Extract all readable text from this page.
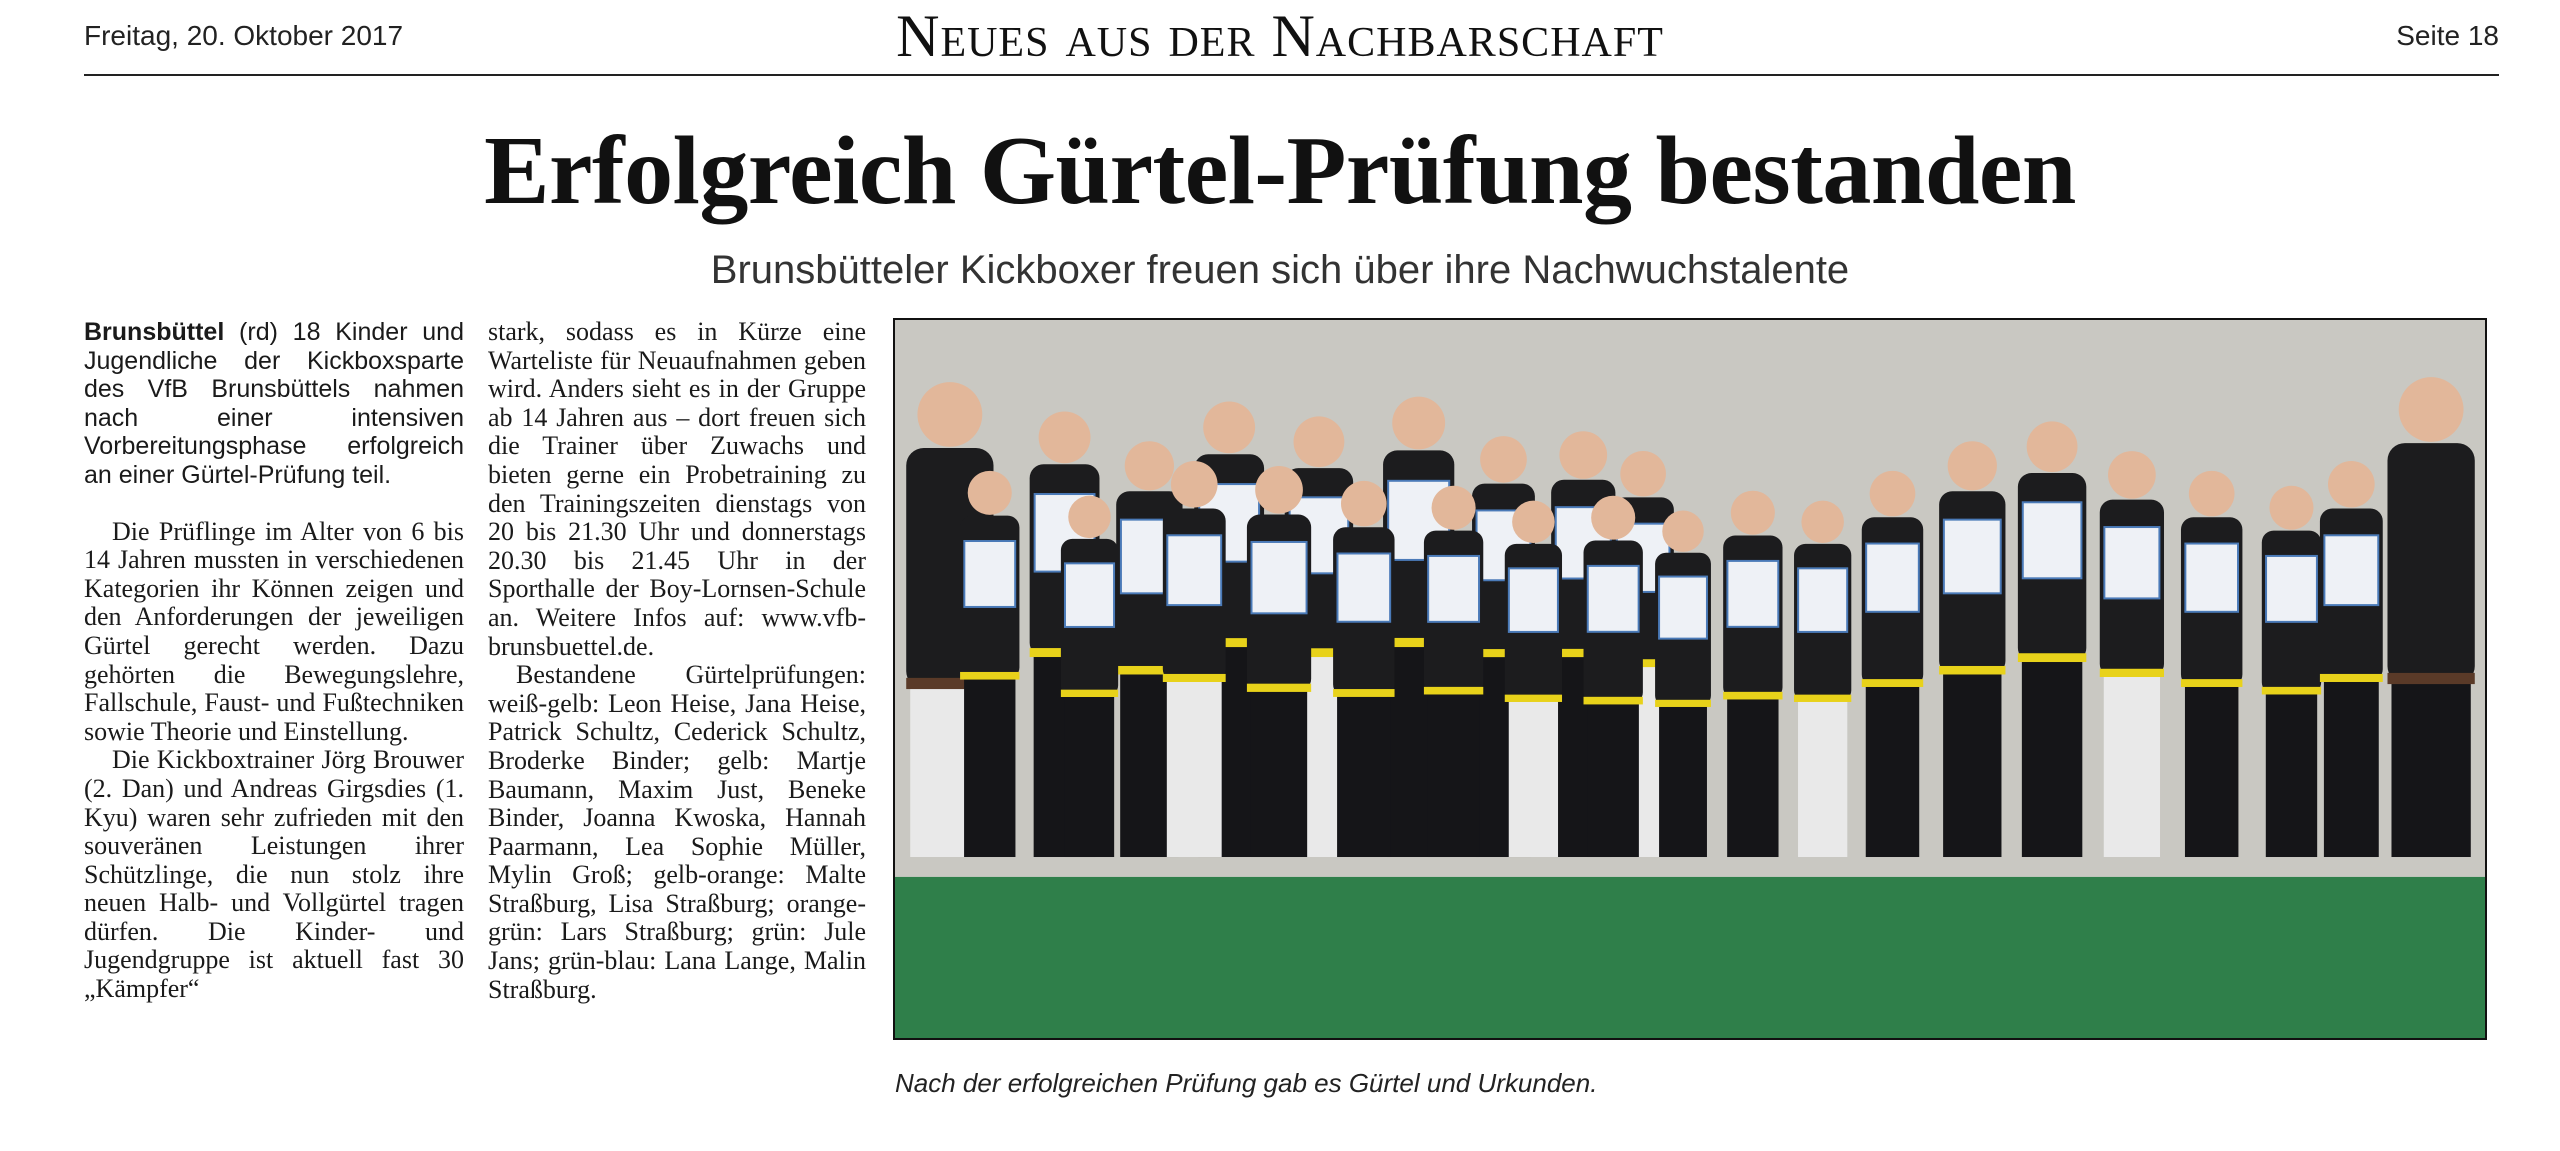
Freitag, 20. Oktober 2017	Neues aus der Nachbarschaft	Seite 18
Erfolgreich Gürtel-Prüfung bestanden
Brunsbütteler Kickboxer freuen sich über ihre Nachwuchstalente

Brunsbüttel (rd) 18 Kinder und Jugendliche der Kickboxsparte des VfB Brunsbüttels nahmen nach einer intensiven Vorbereitungsphase erfolgreich an einer Gürtel-Prüfung teil.

Die Prüflinge im Alter von 6 bis 14 Jahren mussten in verschiedenen Kategorien ihr Können zeigen und den Anforderungen der jeweiligen Gürtel gerecht werden. Dazu gehörten die Bewegungslehre, Fallschule, Faust- und Fußtechniken sowie Theorie und Einstellung.

Die Kickboxtrainer Jörg Brouwer (2. Dan) und Andreas Girgsdies (1. Kyu) waren sehr zufrieden mit den souveränen Leistungen ihrer Schützlinge, die nun stolz ihre neuen Halb- und Vollgürtel tragen dürfen. Die Kinder- und Jugendgruppe ist aktuell fast 30 „Kämpfer“

stark, sodass es in Kürze eine Warteliste für Neuaufnahmen geben wird. Anders sieht es in der Gruppe ab 14 Jahren aus – dort freuen sich die Trainer über Zuwachs und bieten gerne ein Probetraining zu den Trainingszeiten dienstags von 20 bis 21.30 Uhr und donnerstags 20.30 bis 21.45 Uhr in der Sporthalle der Boy-Lornsen-Schule an. Weitere Infos auf: www.vfb-brunsbuettel.de.

Bestandene Gürtelprüfungen: weiß-gelb: Leon Heise, Jana Heise, Patrick Schultz, Cederick Schultz, Broderke Binder; gelb: Martje Baumann, Maxim Just, Beneke Binder, Joanna Kwoska, Hannah Paarmann, Lea Sophie Müller, Mylin Groß; gelb-orange: Malte Straßburg, Lisa Straßburg; orange-grün: Lars Straßburg; grün: Jule Jans; grün-blau: Lana Lange, Malin Straßburg.

Nach der erfolgreichen Prüfung gab es Gürtel und Urkunden.
